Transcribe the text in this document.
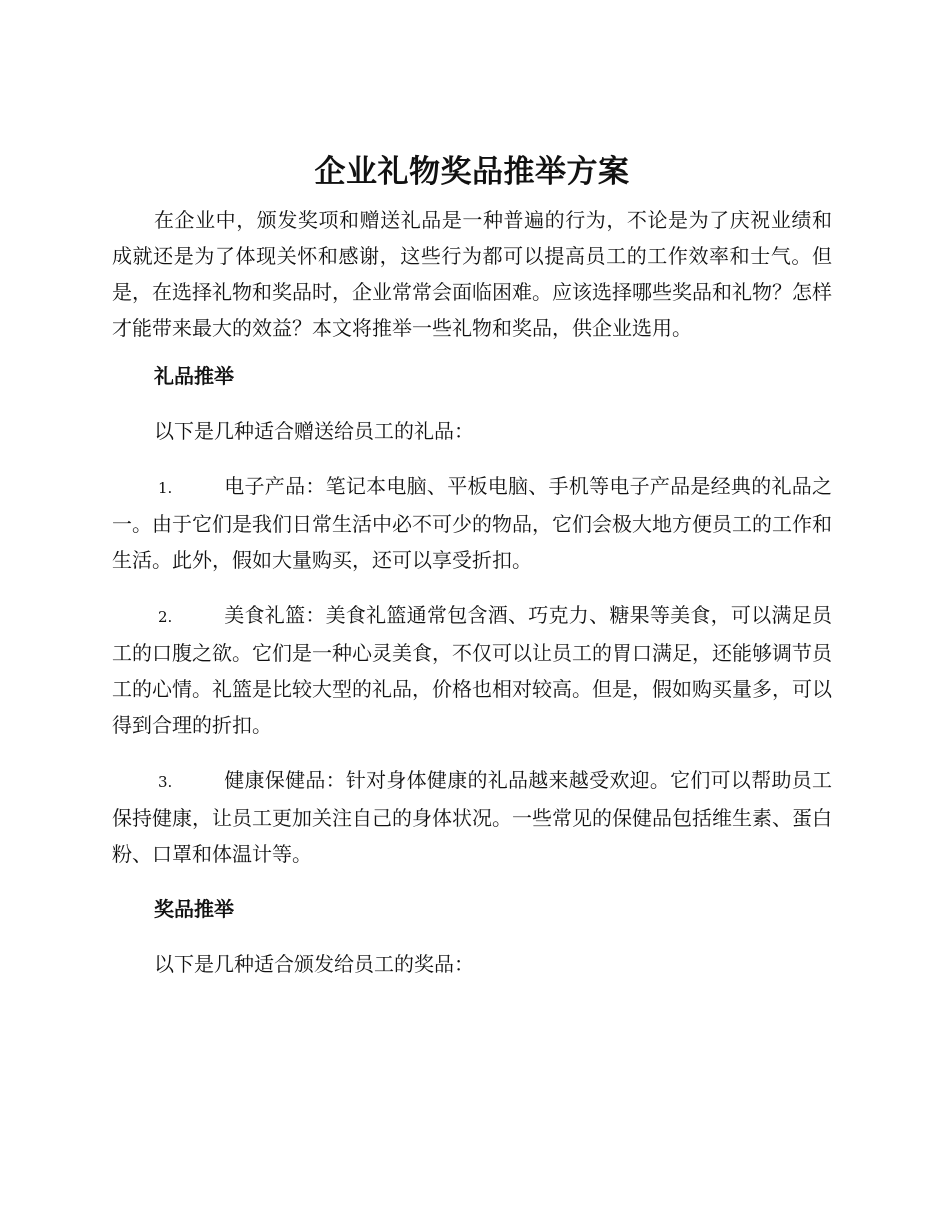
企业礼物奖品推举方案

在企业中，颁发奖项和赠送礼品是一种普遍的行为，不论是为了庆祝业绩和成就还是为了体现关怀和感谢，这些行为都可以提高员工的工作效率和士气。但是，在选择礼物和奖品时，企业常常会面临困难。应该选择哪些奖品和礼物？怎样才能带来最大的效益？本文将推举一些礼物和奖品，供企业选用。

礼品推举

以下是几种适合赠送给员工的礼品：

1.	电子产品：笔记本电脑、平板电脑、手机等电子产品是经典的礼品之一。由于它们是我们日常生活中必不可少的物品，它们会极大地方便员工的工作和生活。此外，假如大量购买，还可以享受折扣。

2.	美食礼篮：美食礼篮通常包含酒、巧克力、糖果等美食，可以满足员工的口腹之欲。它们是一种心灵美食，不仅可以让员工的胃口满足，还能够调节员工的心情。礼篮是比较大型的礼品，价格也相对较高。但是，假如购买量多，可以得到合理的折扣。

3.	健康保健品：针对身体健康的礼品越来越受欢迎。它们可以帮助员工保持健康，让员工更加关注自己的身体状况。一些常见的保健品包括维生素、蛋白粉、口罩和体温计等。

奖品推举

以下是几种适合颁发给员工的奖品：
